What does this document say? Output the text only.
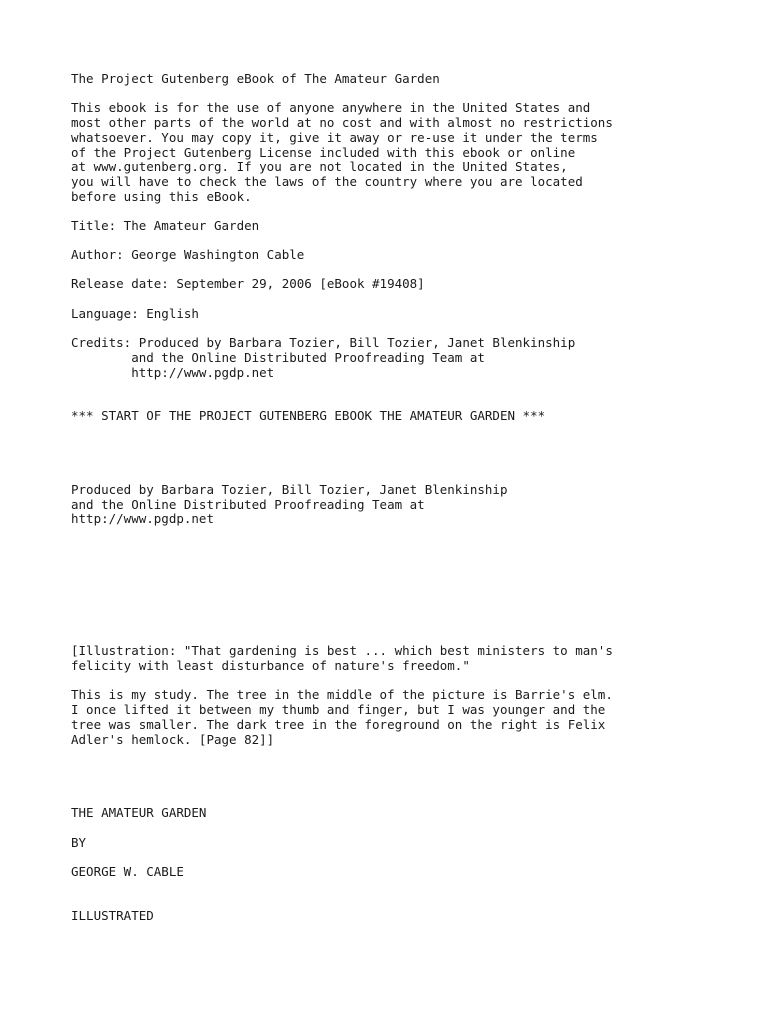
The Project Gutenberg eBook of The Amateur Garden

This ebook is for the use of anyone anywhere in the United States and

most other parts of the world at no cost and with almost no restrictions

whatsoever. You may copy it, give it away or re-use it under the terms

of the Project Gutenberg License included with this ebook or online

at www.gutenberg.org. If you are not located in the United States,

you will have to check the laws of the country where you are located

before using this eBook.

Title: The Amateur Garden

Author: George Washington Cable

Release date: September 29, 2006 [eBook #19408]

Language: English

Credits: Produced by Barbara Tozier, Bill Tozier, Janet Blenkinship

and the Online Distributed Proofreading Team at

http://www.pgdp.net

*** START OF THE PROJECT GUTENBERG EBOOK THE AMATEUR GARDEN ***

Produced by Barbara Tozier, Bill Tozier, Janet Blenkinship

and the Online Distributed Proofreading Team at

http://www.pgdp.net

[Illustration: "That gardening is best ... which best ministers to man's

felicity with least disturbance of nature's freedom."

This is my study. The tree in the middle of the picture is Barrie's elm.

I once lifted it between my thumb and finger, but I was younger and the

tree was smaller. The dark tree in the foreground on the right is Felix

Adler's hemlock. [Page 82]]

THE AMATEUR GARDEN

BY

GEORGE W. CABLE

ILLUSTRATED
